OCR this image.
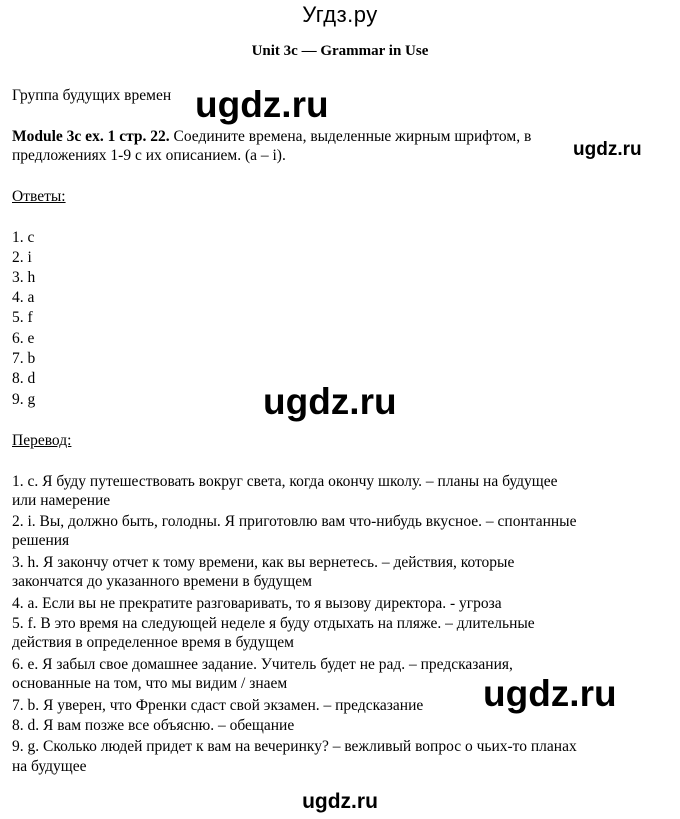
Угдз.ру
Unit 3c — Grammar in Use
Группа будущих времен
Module 3c ex. 1 стр. 22. Соедините времена, выделенные жирным шрифтом, в
предложениях 1-9 с их описанием. (a – i).
Ответы:
1. c
2. i
3. h
4. a
5. f
6. e
7. b
8. d
9. g
Перевод:
1. c. Я буду путешествовать вокруг света, когда окончу школу. – планы на будущее
или намерение
2. i. Вы, должно быть, голодны. Я приготовлю вам что-нибудь вкусное. – спонтанные
решения
3. h. Я закончу отчет к тому времени, как вы вернетесь. – действия, которые
закончатся до указанного времени в будущем
4. a. Если вы не прекратите разговаривать, то я вызову директора. - угроза
5. f. В это время на следующей неделе я буду отдыхать на пляже. – длительные
действия в определенное время в будущем
6. e. Я забыл свое домашнее задание. Учитель будет не рад. – предсказания,
основанные на том, что мы видим / знаем
7. b. Я уверен, что Френки сдаст свой экзамен. – предсказание
8. d. Я вам позже все объясню. – обещание
9. g. Сколько людей придет к вам на вечеринку? – вежливый вопрос о чьих-то планах
на будущее
ugdz.ru
ugdz.ru
ugdz.ru
ugdz.ru
ugdz.ru
